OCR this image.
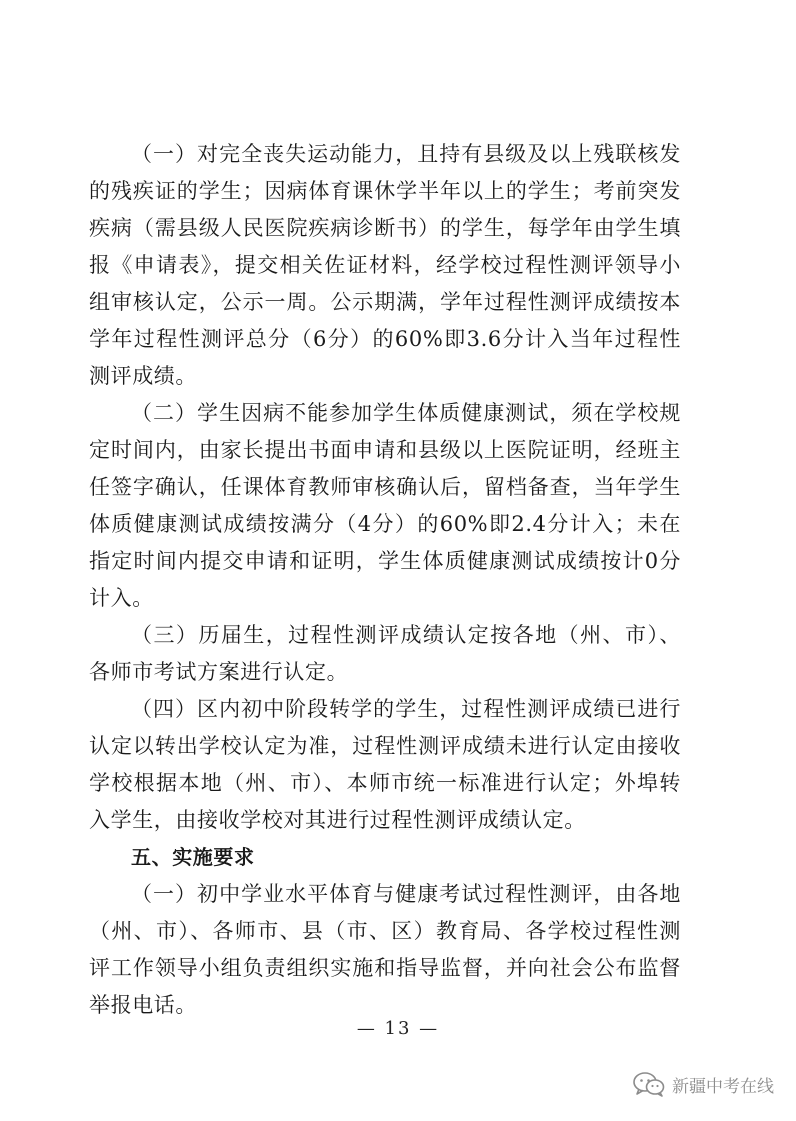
（一）对完全丧失运动能力，且持有县级及以上残联核发的残疾证的学生；因病体育课休学半年以上的学生；考前突发疾病（需县级人民医院疾病诊断书）的学生，每学年由学生填报《申请表》，提交相关佐证材料，经学校过程性测评领导小组审核认定，公示一周。公示期满，学年过程性测评成绩按本学年过程性测评总分（6分）的60%即3.6分计入当年过程性测评成绩。

（二）学生因病不能参加学生体质健康测试，须在学校规定时间内，由家长提出书面申请和县级以上医院证明，经班主任签字确认，任课体育教师审核确认后，留档备查，当年学生体质健康测试成绩按满分（4分）的60%即2.4分计入；未在指定时间内提交申请和证明，学生体质健康测试成绩按计0分计入。

（三）历届生，过程性测评成绩认定按各地（州、市）、各师市考试方案进行认定。

（四）区内初中阶段转学的学生，过程性测评成绩已进行认定以转出学校认定为准，过程性测评成绩未进行认定由接收学校根据本地（州、市）、本师市统一标准进行认定；外埠转入学生，由接收学校对其进行过程性测评成绩认定。

五、实施要求

（一）初中学业水平体育与健康考试过程性测评，由各地（州、市）、各师市、县（市、区）教育局、各学校过程性测评工作领导小组负责组织实施和指导监督，并向社会公布监督举报电话。

— 13 —
新疆中考在线
